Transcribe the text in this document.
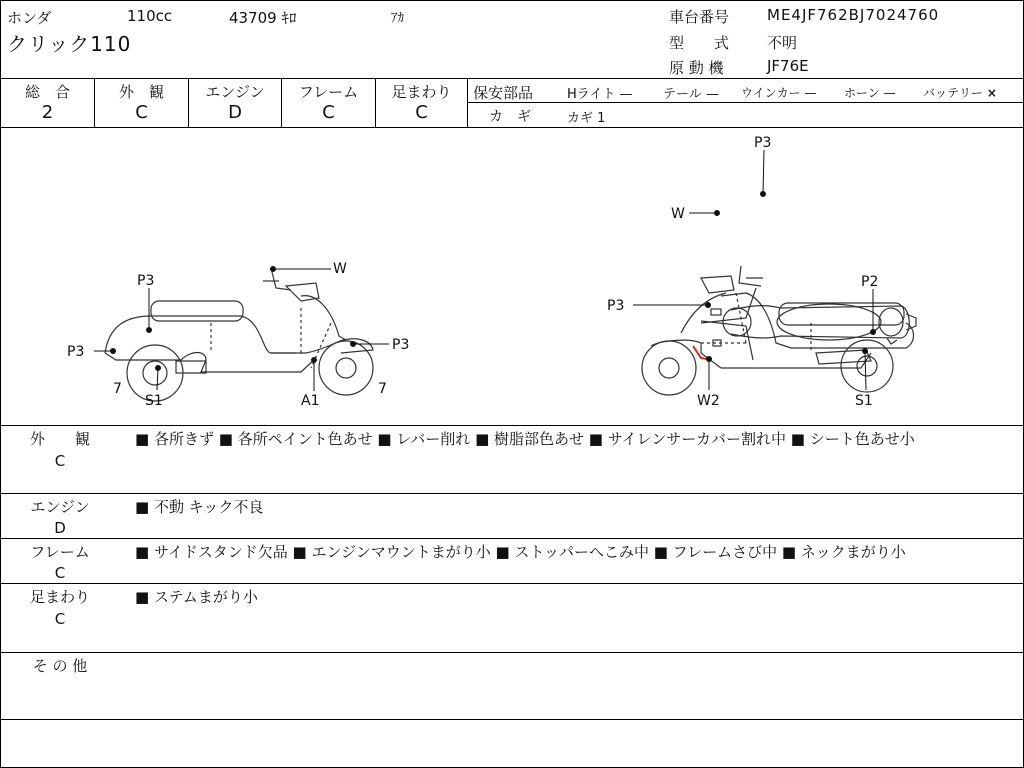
ホンダ	110cc	43709 ｷﾛ	ｱｶ
クリック110
車台番号	ME4JF762BJ7024760
型　　式	不明
原 動 機	JF76E
総　合
2
外　観
C
エンジン
D
フレーム
C
足まわり
C
保安部品	Hライト — テール — ウインカー — ホーン — バッテリー ×
カ　ギ	カギ 1
P3
W
W
P3
P3	P3
7
S1	A1
7
P3
P2
W2	S1
外　　観
C
■ 各所きず ■ 各所ペイント色あせ ■ レバー削れ ■ 樹脂部色あせ ■ サイレンサーカバー割れ中 ■ シート色あせ小
エンジン
D
■ 不動 キック不良
フレーム
C
■ サイドスタンド欠品 ■ エンジンマウントまがり小 ■ ストッパーへこみ中 ■ フレームさび中 ■ ネックまがり小
足まわり
C
■ ステムまがり小
そ の 他
